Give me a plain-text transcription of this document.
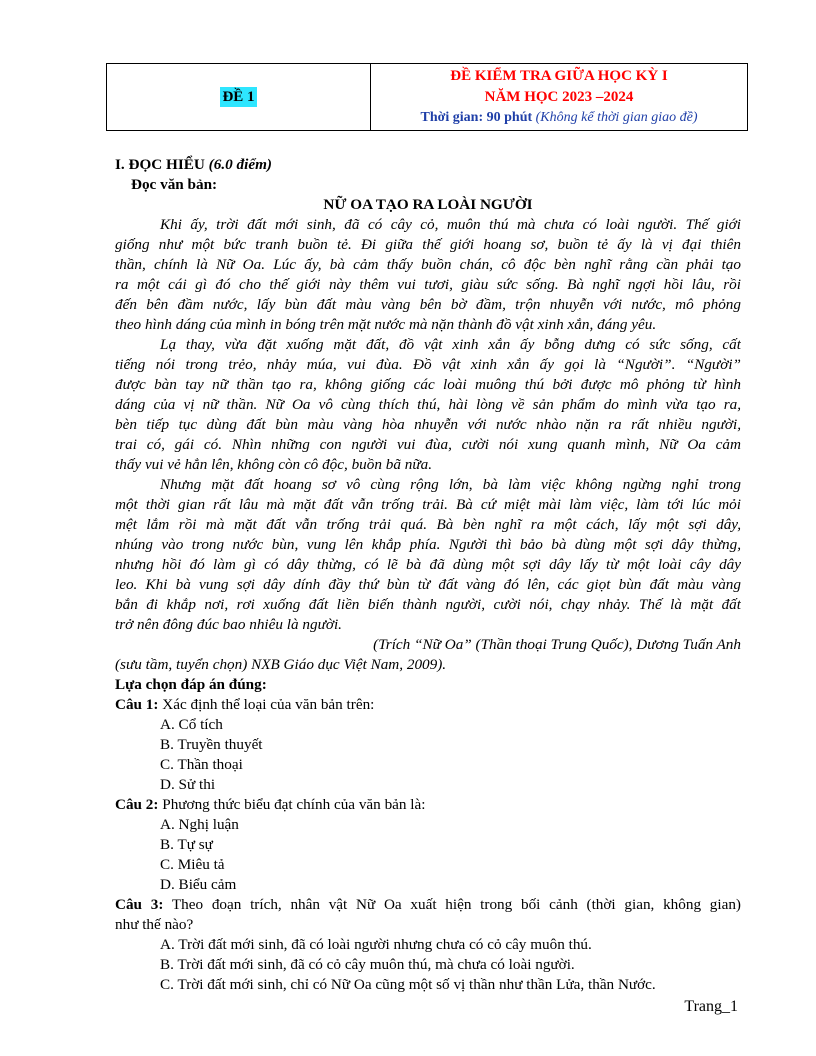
ĐỀ 1
ĐỀ KIỂM TRA GIỮA HỌC KỲ I
NĂM HỌC 2023 –2024
Thời gian: 90 phút (Không kể thời gian giao đề)
I. ĐỌC HIỂU (6.0 điểm)
Đọc văn bản:
NỮ OA TẠO RA LOÀI NGƯỜI
Khi ấy, trời đất mới sinh, đã có cây cỏ, muôn thú mà chưa có loài người. Thế giới
giống như một bức tranh buồn tẻ. Đi giữa thế giới hoang sơ, buồn tẻ ấy là vị đại thiên
thần, chính là Nữ Oa. Lúc ấy, bà cảm thấy buồn chán, cô độc bèn nghĩ rằng cần phải tạo
ra một cái gì đó cho thế giới này thêm vui tươi, giàu sức sống. Bà nghĩ ngợi hồi lâu, rồi
đến bên đầm nước, lấy bùn đất màu vàng bên bờ đầm, trộn nhuyễn với nước, mô phỏng
theo hình dáng của mình in bóng trên mặt nước mà nặn thành đồ vật xinh xắn, đáng yêu.
Lạ thay, vừa đặt xuống mặt đất, đồ vật xinh xắn ấy bỗng dưng có sức sống, cất
tiếng nói trong trẻo, nhảy múa, vui đùa. Đồ vật xinh xắn ấy gọi là “Người”. “Người”
được bàn tay nữ thần tạo ra, không giống các loài muông thú bởi được mô phỏng từ hình
dáng của vị nữ thần. Nữ Oa vô cùng thích thú, hài lòng về sản phẩm do mình vừa tạo ra,
bèn tiếp tục dùng đất bùn màu vàng hòa nhuyễn với nước nhào nặn ra rất nhiều người,
trai có, gái có. Nhìn những con người vui đùa, cười nói xung quanh mình, Nữ Oa cảm
thấy vui vẻ hẳn lên, không còn cô độc, buồn bã nữa.
Nhưng mặt đất hoang sơ vô cùng rộng lớn, bà làm việc không ngừng nghỉ trong
một thời gian rất lâu mà mặt đất vẫn trống trải. Bà cứ miệt mài làm việc, làm tới lúc mỏi
mệt lắm rồi mà mặt đất vẫn trống trải quá. Bà bèn nghĩ ra một cách, lấy một sợi dây,
nhúng vào trong nước bùn, vung lên khắp phía. Người thì bảo bà dùng một sợi dây thừng,
nhưng hồi đó làm gì có dây thừng, có lẽ bà đã dùng một sợi dây lấy từ một loài cây dây
leo. Khi bà vung sợi dây dính đầy thứ bùn từ đất vàng đó lên, các giọt bùn đất màu vàng
bắn đi khắp nơi, rơi xuống đất liền biến thành người, cười nói, chạy nhảy. Thế là mặt đất
trở nên đông đúc bao nhiêu là người.
(Trích “Nữ Oa” (Thần thoại Trung Quốc), Dương Tuấn Anh
(sưu tầm, tuyển chọn) NXB Giáo dục Việt Nam, 2009).
Lựa chọn đáp án đúng:
Câu 1: Xác định thể loại của văn bản trên:
A. Cổ tích
B. Truyền thuyết
C. Thần thoại
D. Sử thi
Câu 2: Phương thức biểu đạt chính của văn bản là:
A. Nghị luận
B. Tự sự
C. Miêu tả
D. Biểu cảm
Câu 3: Theo đoạn trích, nhân vật Nữ Oa xuất hiện trong bối cảnh (thời gian, không gian)
như thế nào?
A. Trời đất mới sinh, đã có loài người nhưng chưa có cỏ cây muôn thú.
B. Trời đất mới sinh, đã có cỏ cây muôn thú, mà chưa có loài người.
C. Trời đất mới sinh, chỉ có Nữ Oa cũng một số vị thần như thần Lửa, thần Nước.
Trang_1
